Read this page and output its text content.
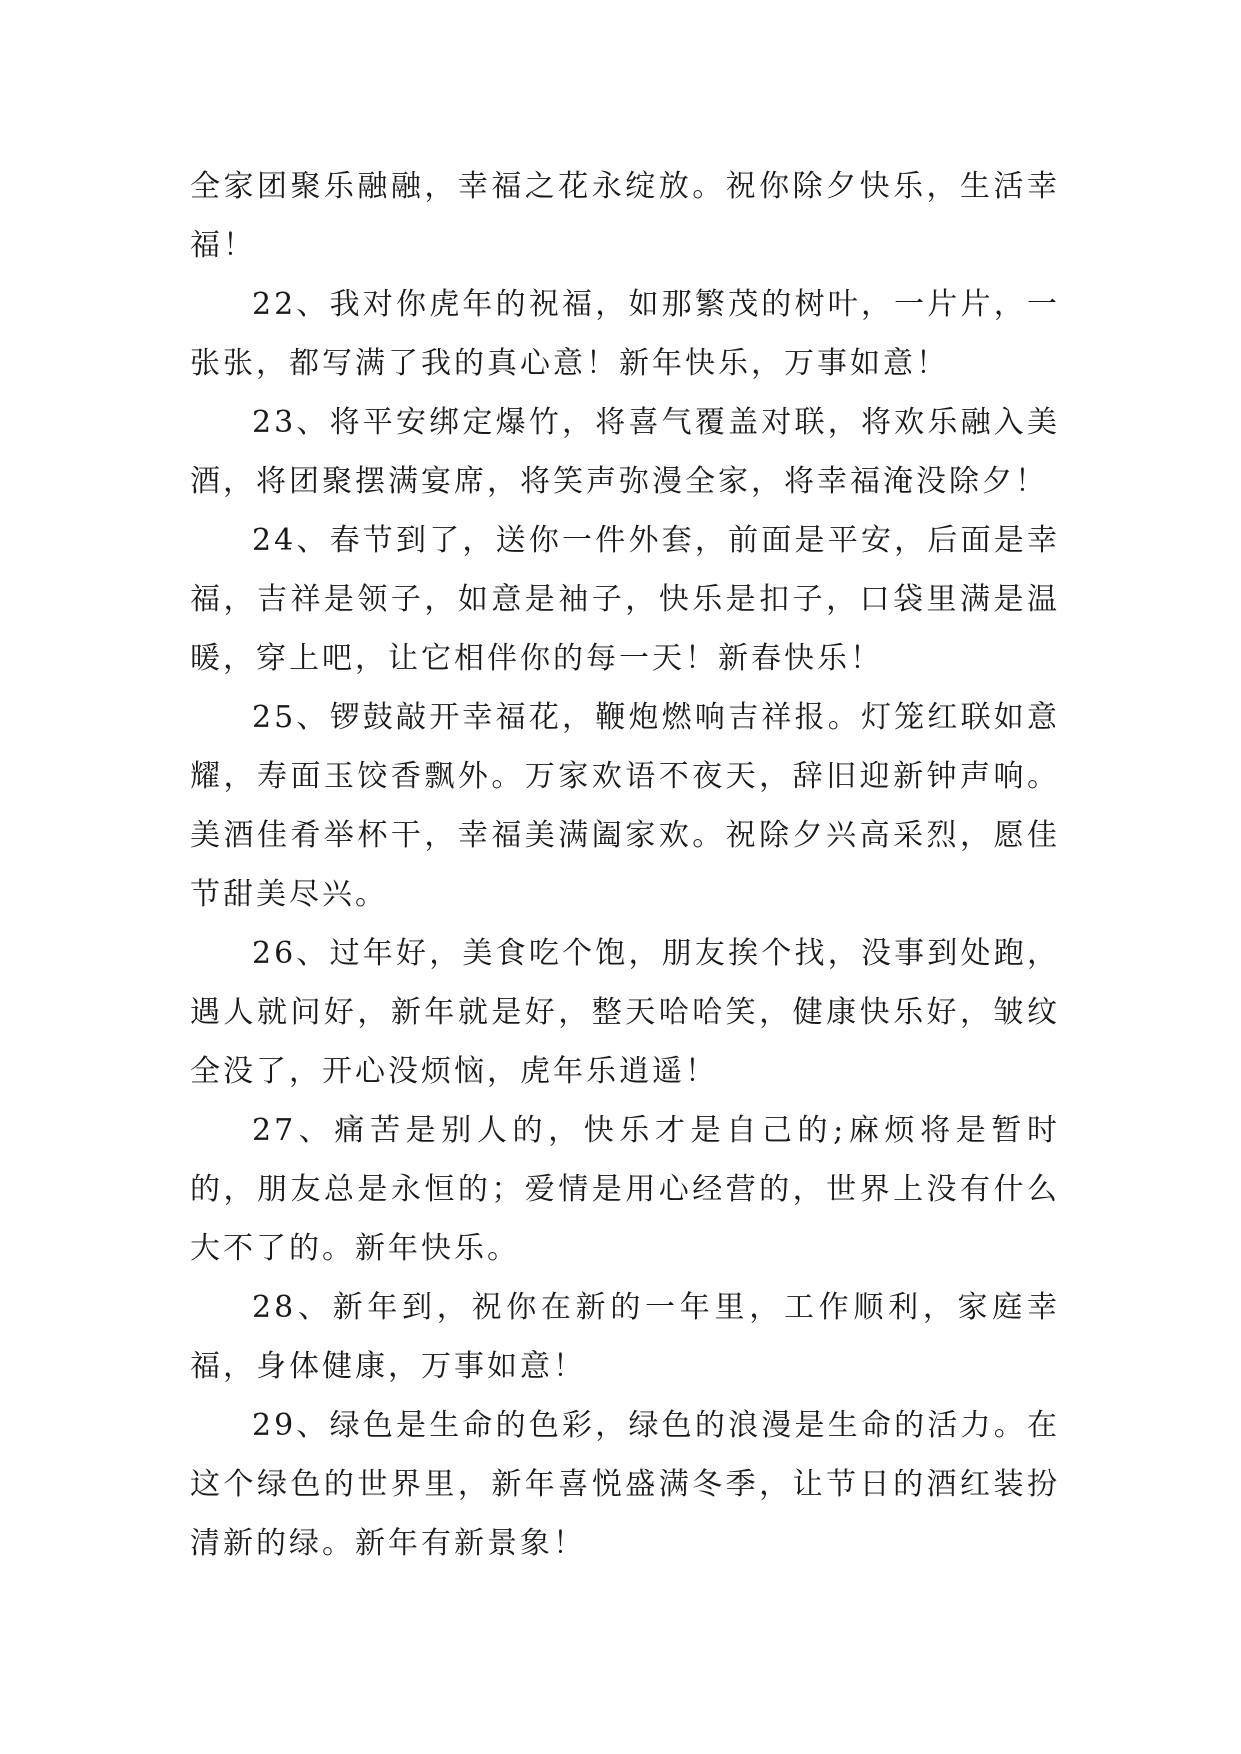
全家团聚乐融融，幸福之花永绽放。祝你除夕快乐，生活幸福！

22、我对你虎年的祝福，如那繁茂的树叶，一片片，一张张，都写满了我的真心意！新年快乐，万事如意！

23、将平安绑定爆竹，将喜气覆盖对联，将欢乐融入美酒，将团聚摆满宴席，将笑声弥漫全家，将幸福淹没除夕！

24、春节到了，送你一件外套，前面是平安，后面是幸福，吉祥是领子，如意是袖子，快乐是扣子，口袋里满是温暖，穿上吧，让它相伴你的每一天！新春快乐！

25、锣鼓敲开幸福花，鞭炮燃响吉祥报。灯笼红联如意耀，寿面玉饺香飘外。万家欢语不夜天，辞旧迎新钟声响。美酒佳肴举杯干，幸福美满阖家欢。祝除夕兴高采烈，愿佳节甜美尽兴。

26、过年好，美食吃个饱，朋友挨个找，没事到处跑，遇人就问好，新年就是好，整天哈哈笑，健康快乐好，皱纹全没了，开心没烦恼，虎年乐逍遥！

27、痛苦是别人的，快乐才是自己的;麻烦将是暂时的，朋友总是永恒的；爱情是用心经营的，世界上没有什么大不了的。新年快乐。

28、新年到，祝你在新的一年里，工作顺利，家庭幸福，身体健康，万事如意！

29、绿色是生命的色彩，绿色的浪漫是生命的活力。在这个绿色的世界里，新年喜悦盛满冬季，让节日的酒红装扮清新的绿。新年有新景象！
